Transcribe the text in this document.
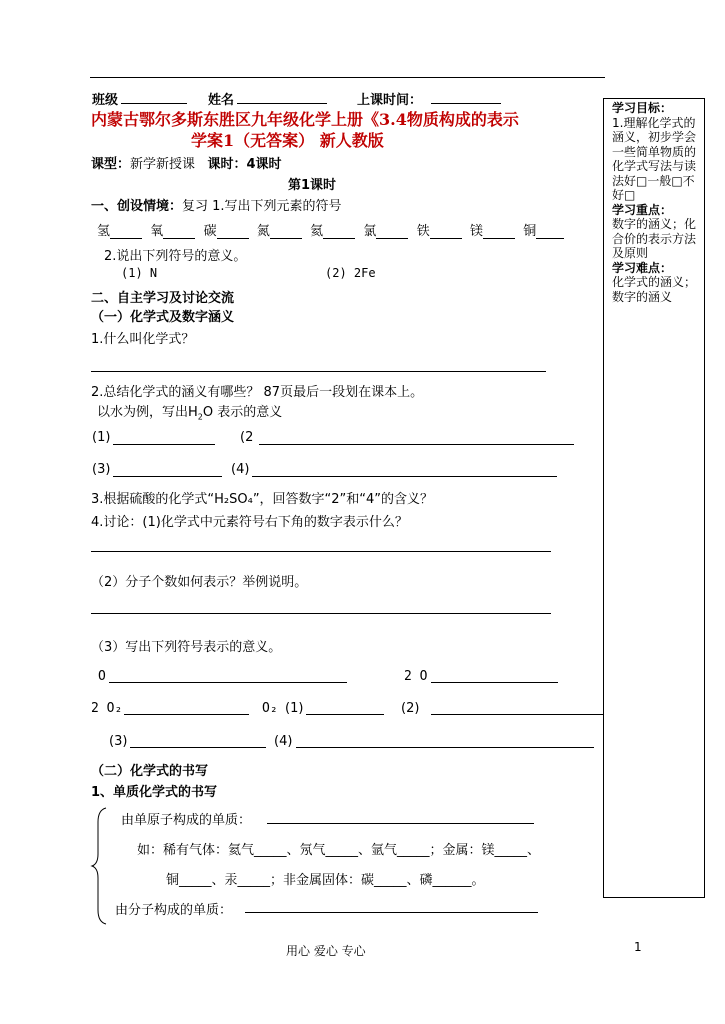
班级	姓名	上课时间：
内蒙古鄂尔多斯东胜区九年级化学上册《3.4物质构成的表示
学案1（无答案） 新人教版
课型：新学新授课 课时：4课时
第1课时
学习目标：
1.理解化学式的涵义，初步学会一些简单物质的化学式写法与读法好□一般□不好□
学习重点：
数字的涵义；化合价的表示方法及原则
学习难点：
化学式的涵义；数字的涵义
一、创设情境：复习 1.写出下列元素的符号
氢	氧	碳	氮	氦	氯	铁	镁	铜
2.说出下列符号的意义。
(1) N	(2) 2Fe
二、自主学习及讨论交流
（一）化学式及数字涵义
1.什么叫化学式？
2.总结化学式的涵义有哪些？ 87页最后一段划在课本上。
以水为例，写出$H_2O$ 表示的意义
(1)	(2
(3)	(4)
3.根据硫酸的化学式“H₂SO₄”，回答数字“2”和“4”的含义？
4.讨论：(1)化学式中元素符号右下角的数字表示什么？
（2）分子个数如何表示？举例说明。
（3）写出下列符号表示的意义。
O	2 O
2 O₂	O₂ (1)	(2)
(3)	(4)
（二）化学式的书写
1、单质化学式的书写
由单原子构成的单质：
如：稀有气体：氦气_____、氖气_____、氩气_____；金属：镁_____、
铜_____、汞_____；非金属固体：碳_____、磷______。
由分子构成的单质：
用心 爱心 专心	1
